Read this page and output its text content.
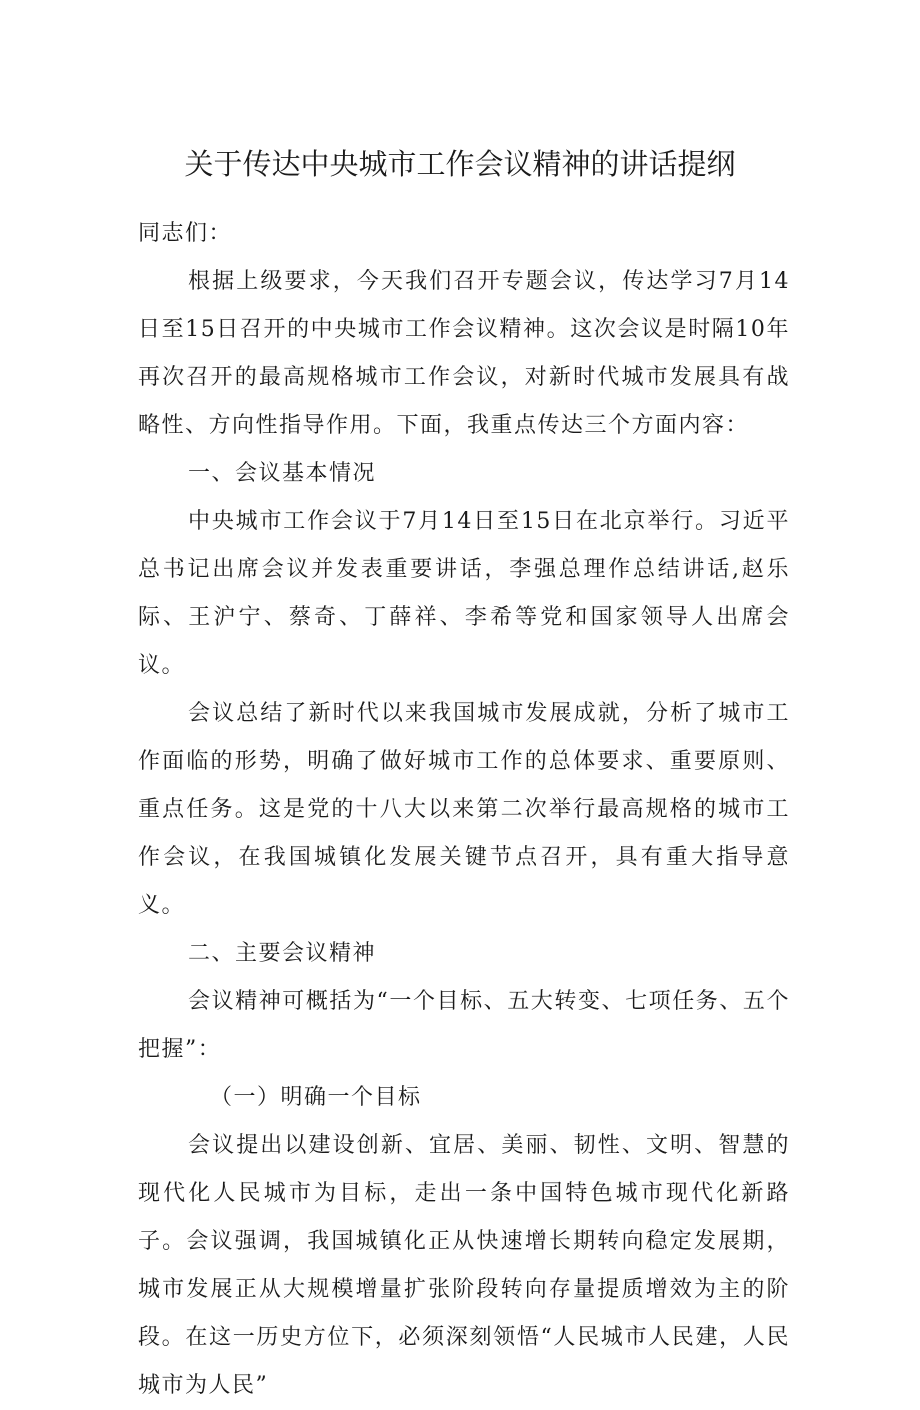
关于传达中央城市工作会议精神的讲话提纲

同志们：

根据上级要求，今天我们召开专题会议，传达学习7月14日至15日召开的中央城市工作会议精神。这次会议是时隔10年再次召开的最高规格城市工作会议，对新时代城市发展具有战略性、方向性指导作用。下面，我重点传达三个方面内容：

一、会议基本情况

中央城市工作会议于7月14日至15日在北京举行。习近平总书记出席会议并发表重要讲话，李强总理作总结讲话,赵乐际、王沪宁、蔡奇、丁薛祥、李希等党和国家领导人出席会议。

会议总结了新时代以来我国城市发展成就，分析了城市工作面临的形势，明确了做好城市工作的总体要求、重要原则、重点任务。这是党的十八大以来第二次举行最高规格的城市工作会议，在我国城镇化发展关键节点召开，具有重大指导意义。

二、主要会议精神

会议精神可概括为“一个目标、五大转变、七项任务、五个把握”：

（一）明确一个目标

会议提出以建设创新、宜居、美丽、韧性、文明、智慧的现代化人民城市为目标，走出一条中国特色城市现代化新路子。会议强调，我国城镇化正从快速增长期转向稳定发展期，城市发展正从大规模增量扩张阶段转向存量提质增效为主的阶段。在这一历史方位下，必须深刻领悟“人民城市人民建，人民城市为人民”
